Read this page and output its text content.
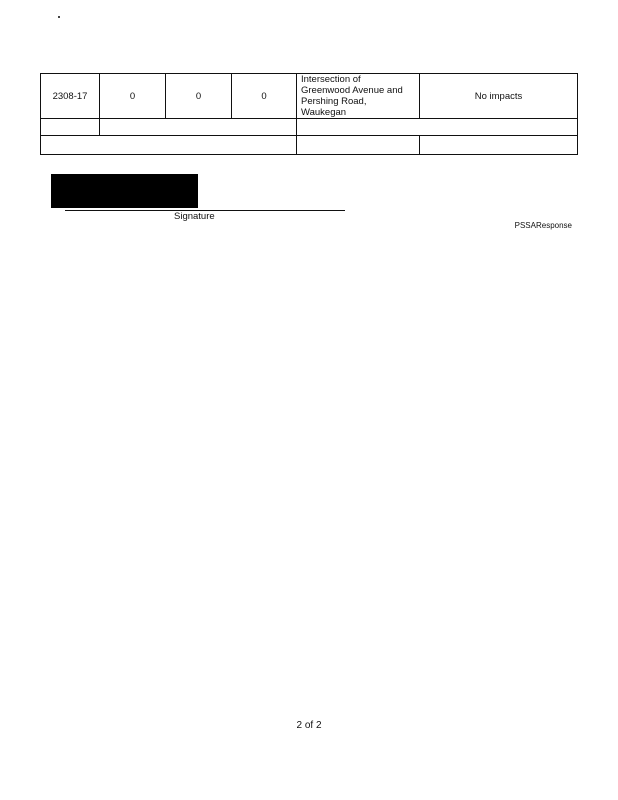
2308-17	0	0	0	Intersection of
Greenwood Avenue and
Pershing Road,
Waukegan	No impacts

Signature
PSSAResponse
2 of 2
